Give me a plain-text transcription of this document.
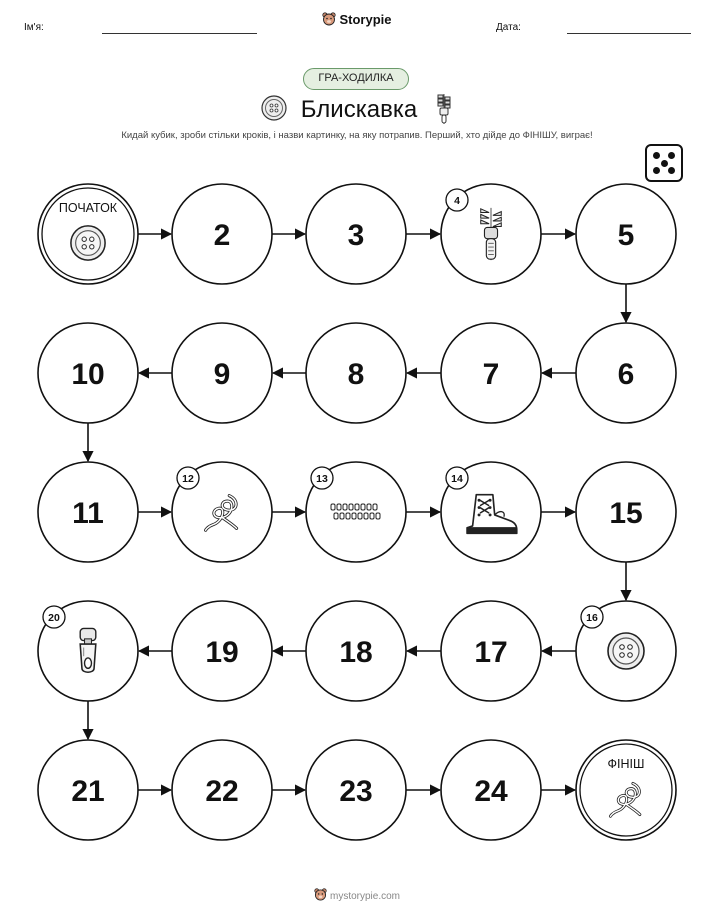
Ім'я:
Storypie
Дата:
ГРА-ХОДИЛКА
Блискавка
Кидай кубик, зроби стільки кроків, і назви картинку, на яку потрапив. Перший, хто дійде до ФІНІШУ, виграє!
ПОЧАТОК
2	3
4
5
6
7
8
9
10
11
12	13	14
15
16
17
18
19
20
21	22	23	24
ФІНІШ
mystorypie.com
